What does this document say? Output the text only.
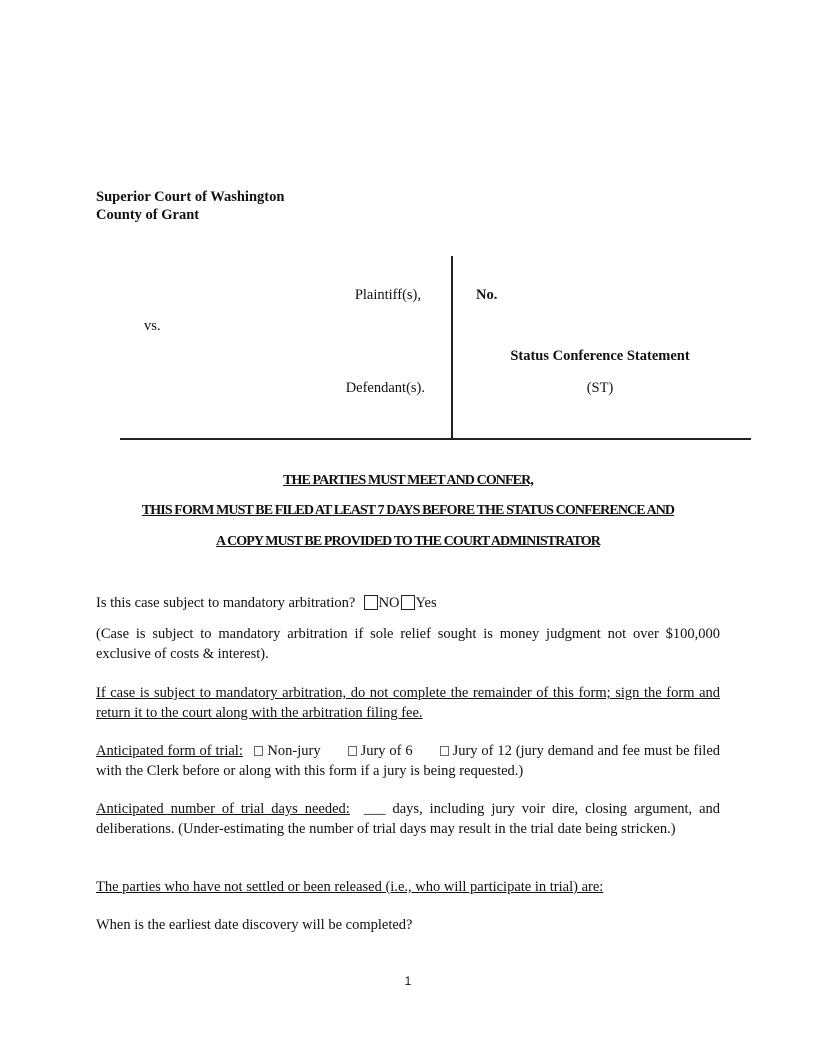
Superior Court of Washington
County of Grant
Plaintiff(s),
vs.
Defendant(s).
No.
Status Conference Statement
(ST)
THE PARTIES MUST MEET AND CONFER,
THIS FORM MUST BE FILED AT LEAST 7 DAYS BEFORE THE STATUS CONFERENCE AND
A COPY MUST BE PROVIDED TO THE COURT ADMINISTRATOR
Is this case subject to mandatory arbitration? NO Yes
(Case is subject to mandatory arbitration if sole relief sought is money judgment not over $100,000 exclusive of costs & interest).
If case is subject to mandatory arbitration, do not complete the remainder of this form; sign the form and return it to the court along with the arbitration filing fee.
Anticipated form of trial: Non-jury	Jury of 6	Jury of 12 (jury demand and fee must be filed with the Clerk before or along with this form if a jury is being requested.)
Anticipated number of trial days needed: ___ days, including jury voir dire, closing argument, and deliberations. (Under-estimating the number of trial days may result in the trial date being stricken.)
The parties who have not settled or been released (i.e., who will participate in trial) are:
When is the earliest date discovery will be completed?
1
